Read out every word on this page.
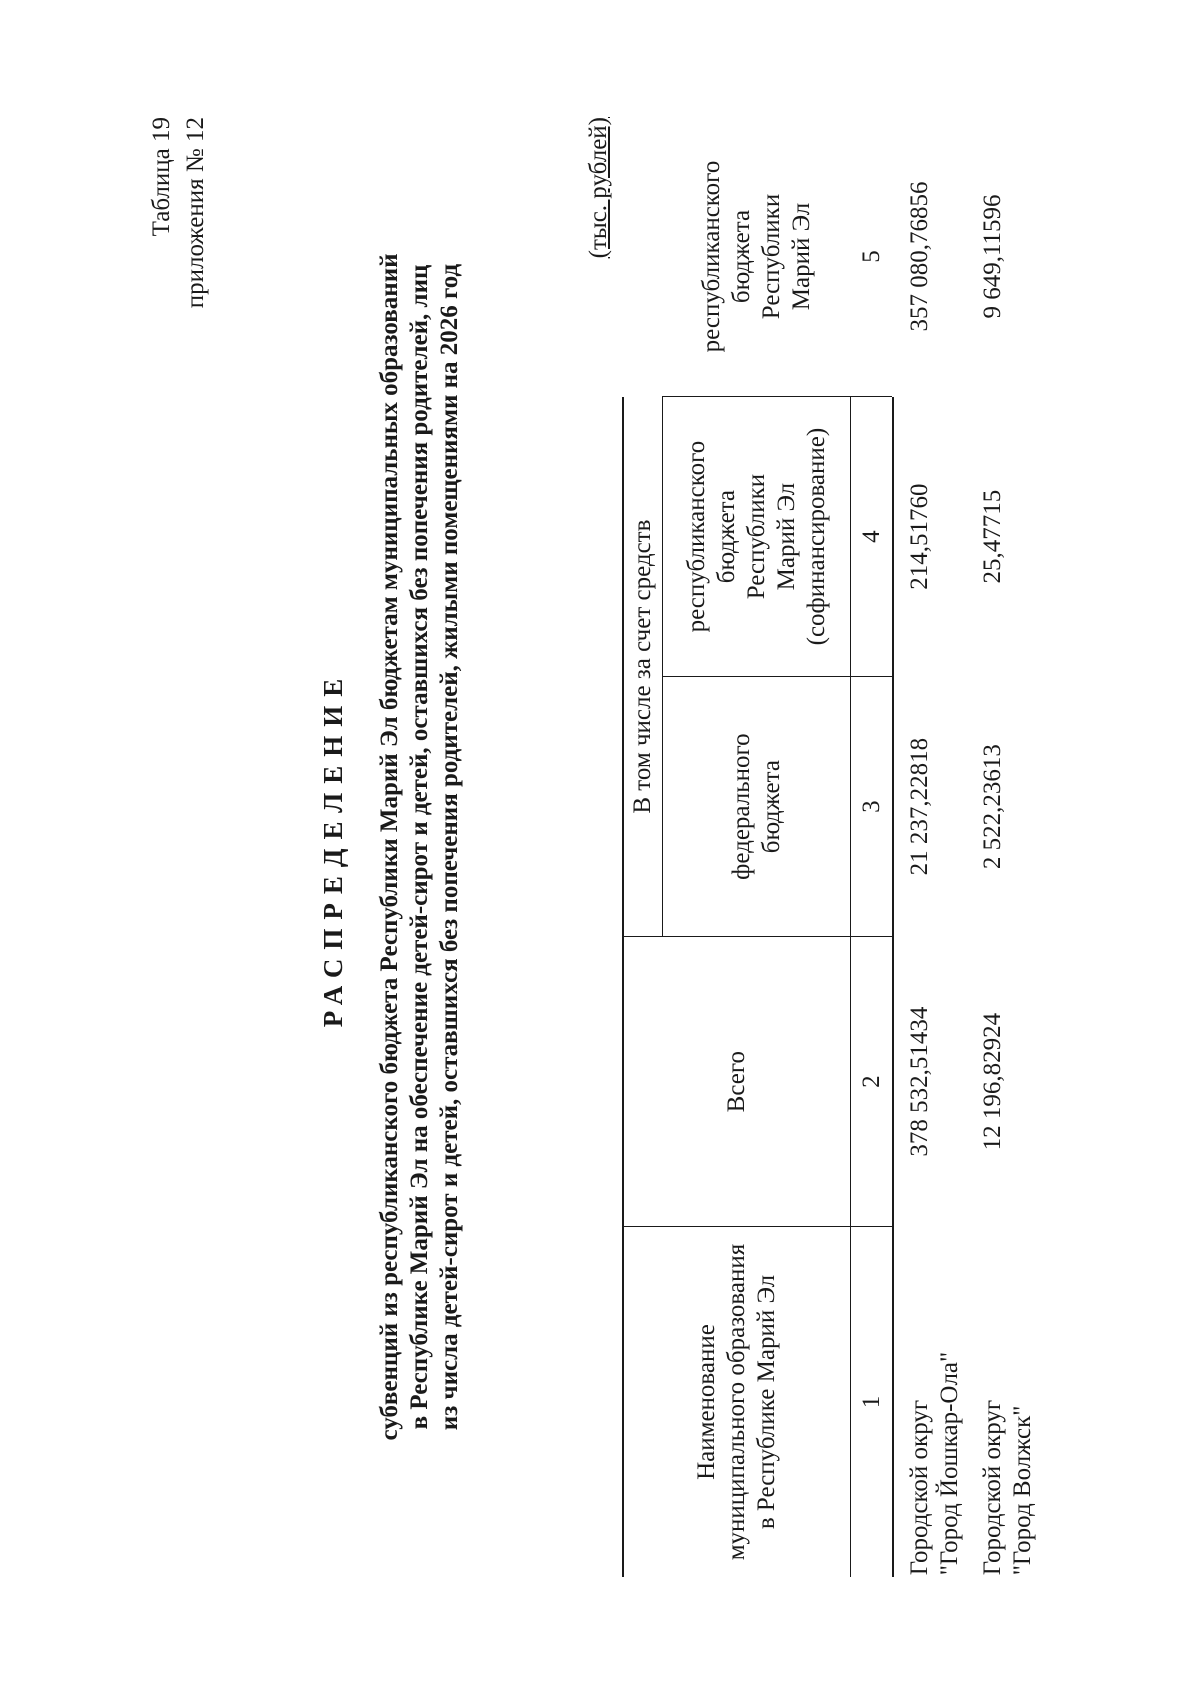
Таблица 19 приложения № 12
РАСПРЕДЕЛЕНИЕ субвенций из республиканского бюджета Республики Марий Эл бюджетам муниципальных образований в Республике Марий Эл на обеспечение детей-сирот и детей, оставшихся без попечения родителей, лиц из числа детей-сирот и детей, оставшихся без попечения родителей, жилыми помещениями на 2026 год
(тыс. рублей)
Наименование муниципального образования в Республике Марий Эл
Всего
В том числе за счет средств	федерального бюджета
республиканского бюджета Республики Марий Эл (софинансирование)
1
2
3
4
Городской округ "Город Йошкар-Ола"
378 532,51434
21 237,22818
214,51760
Городской округ "Город Волжск"
12 196,82924
2 522,23613
25,47715
республиканского бюджета Республики Марий Эл 5 357 080,76856 9 649,11596
